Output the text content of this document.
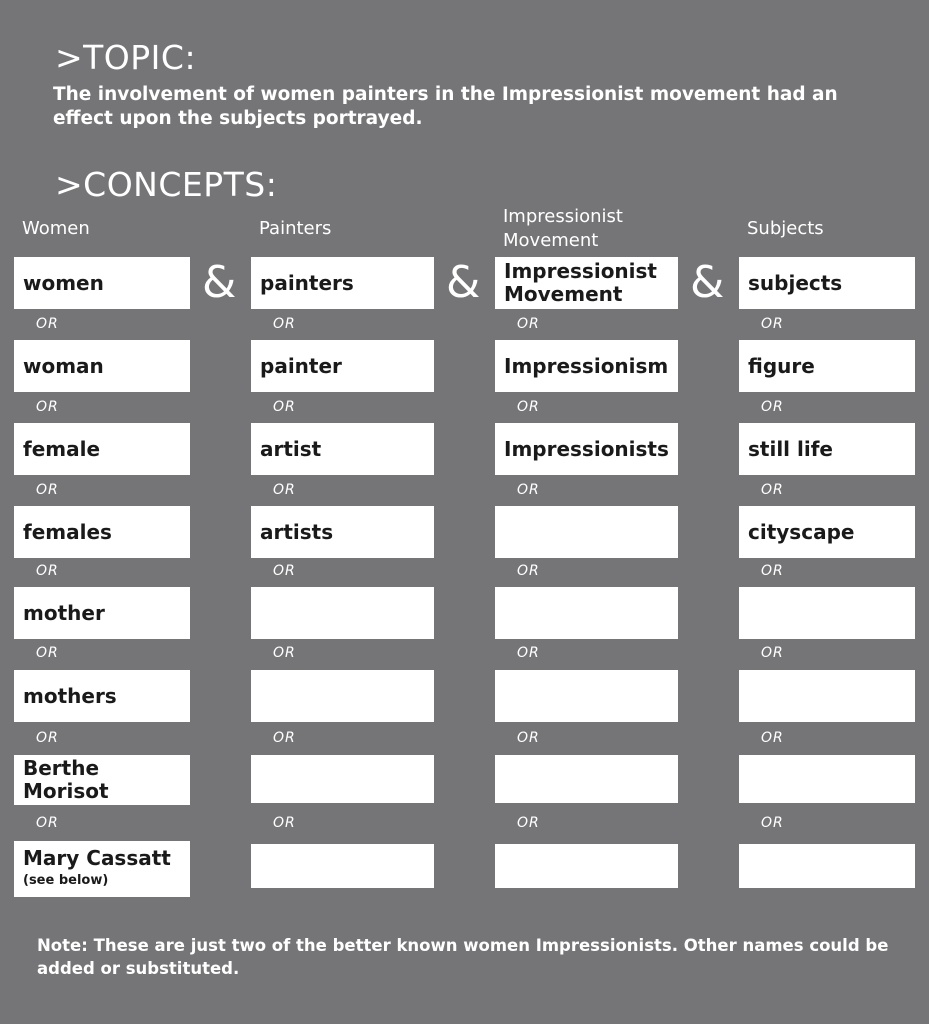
>TOPIC:
The involvement of women painters in the Impressionist movement had an effect upon the subjects portrayed.
>CONCEPTS:
Women
women
woman
female
females
mother
mothers
Berthe Morisot
Mary Cassatt
(see below)
OR
OR
OR
OR
OR
OR
OR
Painters
painters
painter
artist
artists
OR
OR
OR
OR
OR
OR
OR
Impressionist Movement
Impressionist Movement
Impressionism
Impressionists
OR
OR
OR
OR
OR
OR
OR
Subjects
subjects
figure
still life
cityscape
OR
OR
OR
OR
OR
OR
OR
&	&	&
Note: These are just two of the better known women Impressionists. Other names could be added or substituted.
